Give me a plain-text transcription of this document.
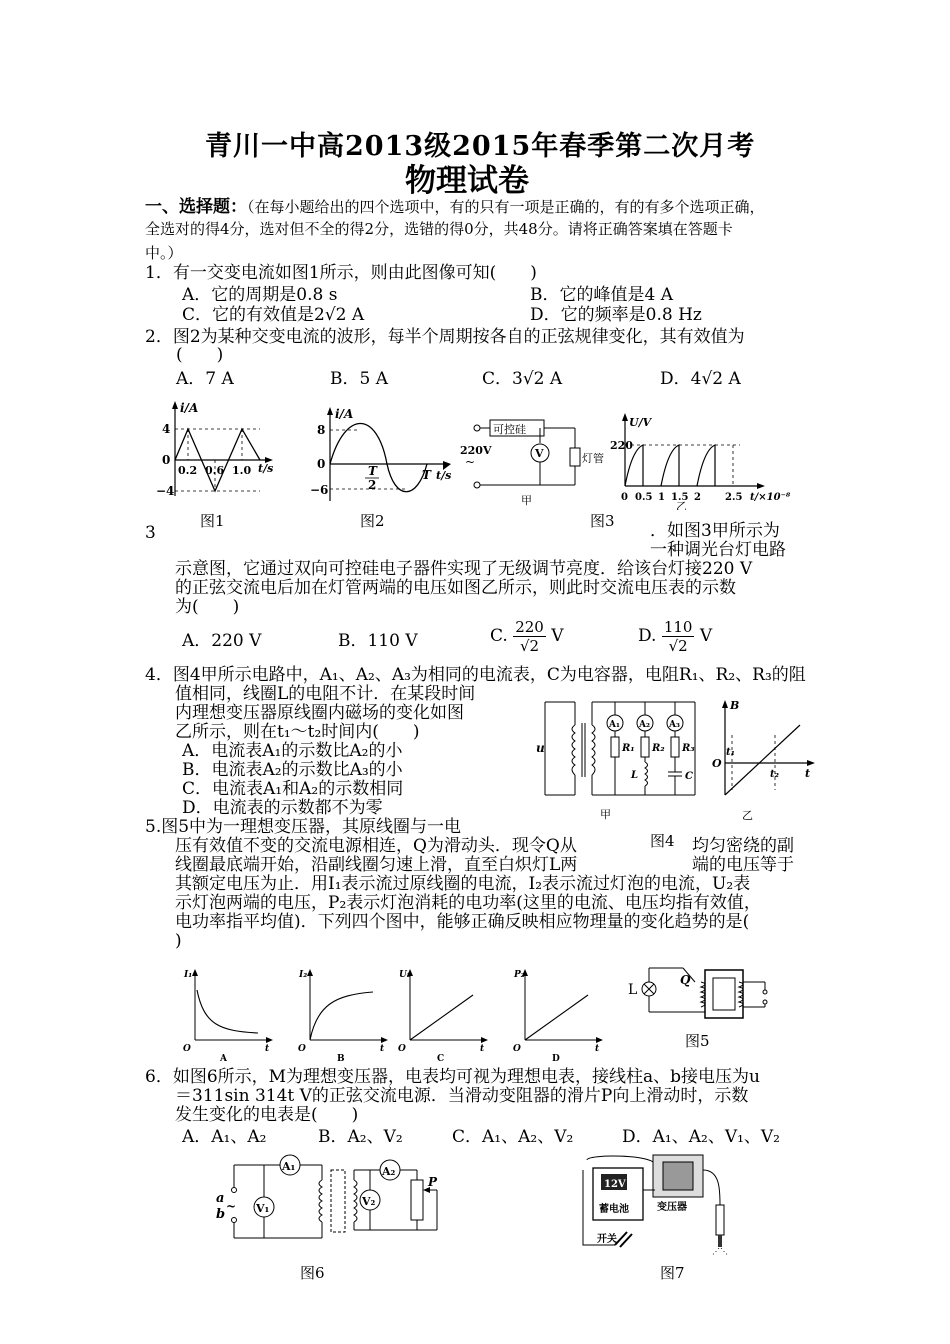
青川一中高2013级2015年春季第二次月考
物理试卷
一、选择题：（在每小题给出的四个选项中，有的只有一项是正确的，有的有多个选项正确，
全选对的得4分，选对但不全的得2分，选错的得0分，共48分。请将正确答案填在答题卡
中。）
1．有一交变电流如图1所示，则由此图像可知(　　)
A．它的周期是0.8 s	B．它的峰值是4 A
C．它的有效值是2√2 A	D．它的频率是0.8 Hz
2．图2为某种交变电流的波形，每半个周期按各自的正弦规律变化，其有效值为
(　　)
A．7 A	B．5 A	C．3√2 A	D．4√2 A
i/A
4
0
−4
0.2 0.6 1.0 t/s
图1
i/A
8
0
−6
T
2
T t/s
图2
可控硅
V	灯管
220V
~
甲
U/V
220
0 0.5 1 1.5 2 2.5 t/×10⁻⁸
乙
图3
3	．如图3甲所示为
一种调光台灯电路
示意图，它通过双向可控硅电子器件实现了无级调节亮度．给该台灯接220 V
的正弦交流电后加在灯管两端的电压如图乙所示，则此时交流电压表的示数
为(　　)
A．220 V	B．110 V	C. $\frac{220}{√2}$ V	D. $\frac{110}{√2}$ V
4．图4甲所示电路中，A₁、A₂、A₃为相同的电流表，C为电容器，电阻R₁、R₂、R₃的阻
值相同，线圈L的电阻不计．在某段时间
内理想变压器原线圈内磁场的变化如图
乙所示，则在t₁～t₂时间内(　　)
A．电流表A₁的示数比A₂的小
B．电流表A₂的示数比A₃的小
C．电流表A₁和A₂的示数相同
D．电流表的示数都不为零
u
A₁
R₁
A₂
R₂
L
A₃
R₃
C
甲
B
O
t₁
t₂ t
乙
图4
5.图5中为一理想变压器，其原线圈与一电
压有效值不变的交流电源相连，Q为滑动头．现令Q从	均匀密绕的副
线圈最底端开始，沿副线圈匀速上滑，直至白炽灯L两	端的电压等于
其额定电压为止．用I₁表示流过原线圈的电流，I₂表示流过灯泡的电流，U₂表
示灯泡两端的电压，P₂表示灯泡消耗的电功率(这里的电流、电压均指有效值，
电功率指平均值)．下列四个图中，能够正确反映相应物理量的变化趋势的是(
)
I₁
O	t
A
I₂
O	t
B
U₂
O	t
C
P₂
O	t
D
L
Q
图5
6．如图6所示，M为理想变压器，电表均可视为理想电表，接线柱a、b接电压为u
＝311sin 314t V的正弦交流电源．当滑动变阻器的滑片P向上滑动时，示数
发生变化的电表是(　　)
A．A₁、A₂	B．A₂、V₂	C．A₁、A₂、V₂	D．A₁、A₂、V₁、V₂
a
b
~
A₁
V₁
A₂
V₂
P
图6
12V
蓄电池	变压器
⋰⋱
开关
图7
